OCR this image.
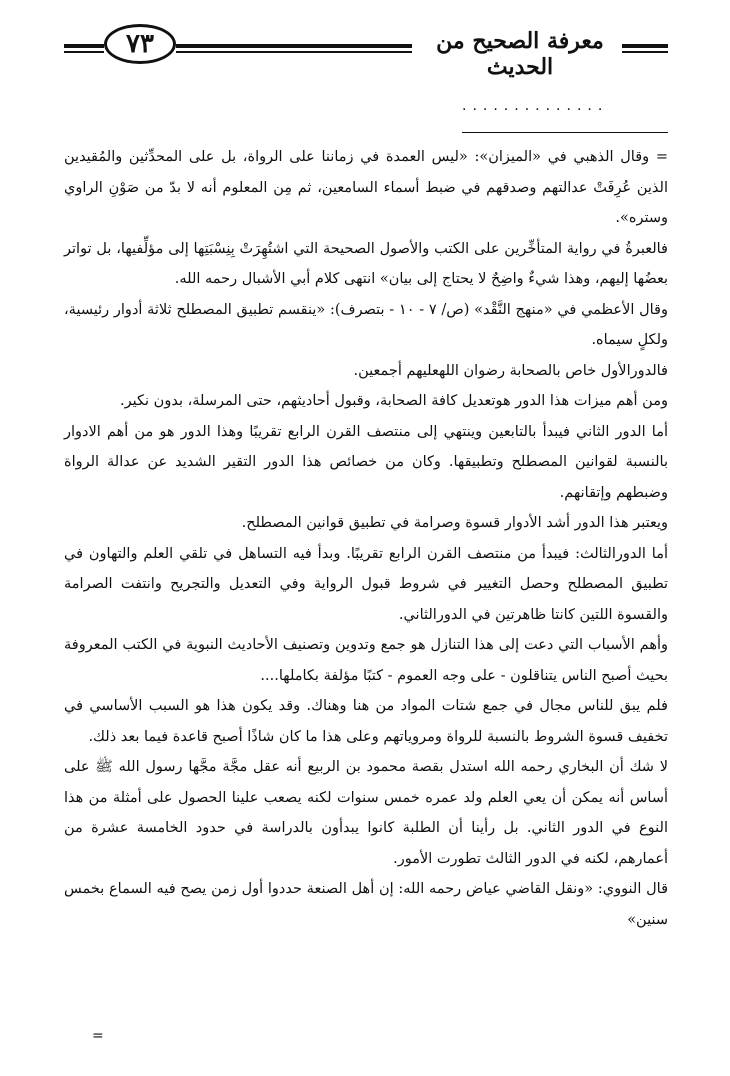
٧٣	معرفة الصحيح من الحديث
..............

= وقال الذهبي في «الميزان»: «ليس العمدة في زماننا على الرواة، بل على المحدِّثين والمُقيدين الذين عُرِفَتْ عدالتهم وصدقهم في ضبط أسماء السامعين، ثم مِن المعلوم أنه لا بدّ من صَوْنِ الراوي وستره».

فالعبرةُ في رواية المتأخِّرين على الكتب والأصول الصحيحة التي اشتُهِرَتْ بِنِسْبَتِها إلى مؤلِّفيها، بل تواتر بعضُها إليهم، وهذا شيءٌ واضِحٌ لا يحتاج إلى بيان» انتهى كلام أبي الأشبال رحمه الله.

وقال الأعظمي في «منهج النَّقْد» (ص/ ٧ - ١٠ - بتصرف): «ينقسم تطبيق المصطلح ثلاثة أدوار رئيسية، ولكلٍ سيماه.

فالدورالأول خاص بالصحابة رضوان اللهعليهم أجمعين.

ومن أهم ميزات هذا الدور هوتعديل كافة الصحابة، وقبول أحاديثهم، حتى المرسلة، بدون نكير.

أما الدور الثاني فيبدأ بالتابعين وينتهي إلى منتصف القرن الرابع تقريبًا وهذا الدور هو من أهم الادوار بالنسبة لقوانين المصطلح وتطبيقها. وكان من خصائص هذا الدور التقير الشديد عن عدالة الرواة وضبطهم وإتقانهم.

ويعتبر هذا الدور أشد الأدوار قسوة وصرامة في تطبيق قوانين المصطلح.

أما الدورالثالث: فيبدأ من منتصف القرن الرابع تقريبًا. وبدأ فيه التساهل في تلقي العلم والتهاون في تطبيق المصطلح وحصل التغيير في شروط قبول الرواية وفي التعديل والتجريح وانتفت الصرامة والقسوة اللتين كانتا ظاهرتين في الدورالثاني.

وأهم الأسباب التي دعت إلى هذا التنازل هو جمع وتدوين وتصنيف الأحاديث النبوية في الكتب المعروفة بحيث أصبح الناس يتناقلون - على وجه العموم - كتبًا مؤلفة بكاملها....

فلم يبق للناس مجال في جمع شتات المواد من هنا وهناك. وقد يكون هذا هو السبب الأساسي في تخفيف قسوة الشروط بالنسبة للرواة ومروياتهم وعلى هذا ما كان شاذًا أصبح قاعدة فيما بعد ذلك.

لا شك أن البخاري رحمه الله استدل بقصة محمود بن الربيع أنه عقل مجَّة مجَّها رسول الله ﷺ على أساس أنه يمكن أن يعي العلم ولد عمره خمس سنوات لكنه يصعب علينا الحصول على أمثلة من هذا النوع في الدور الثاني. بل رأينا أن الطلبة كانوا يبدأون بالدراسة في حدود الخامسة عشرة من أعمارهم، لكنه في الدور الثالث تطورت الأمور.

قال النووي: «ونقل القاضي عياض رحمه الله: إن أهل الصنعة حددوا أول زمن يصح فيه السماع بخمس سنين»

=
